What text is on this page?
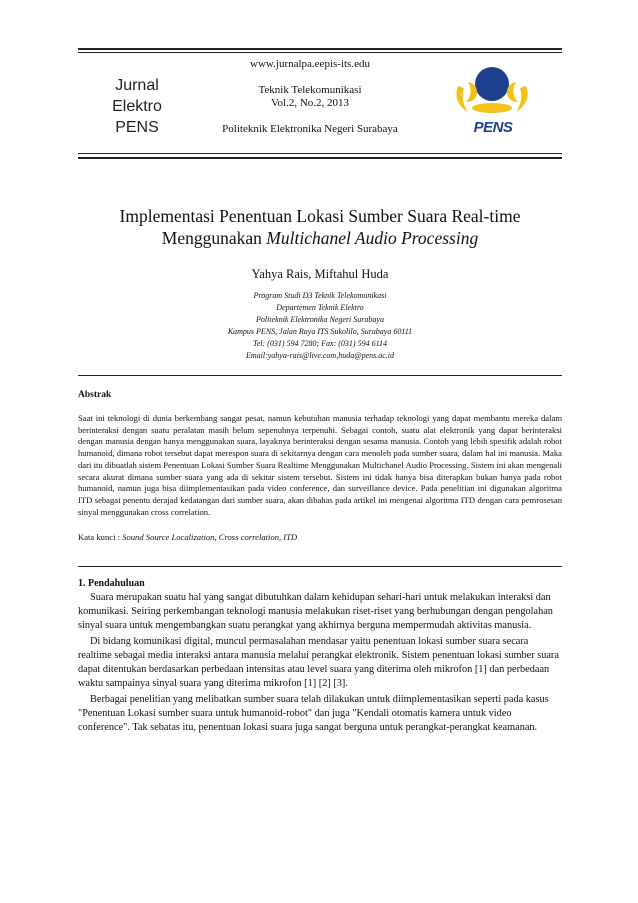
Jurnal
Elektro
PENS
www.jurnalpa.eepis-its.edu
Teknik Telekomunikasi
Vol.2, No.2, 2013
Politeknik Elektronika Negeri Surabaya	PENS
Implementasi Penentuan Lokasi Sumber Suara Real-time
Menggunakan Multichanel Audio Processing
Yahya Rais, Miftahul Huda
Program Studi D3 Teknik Telekomunikasi
Departemen Teknik Elektro
Politeknik Elektronika Negeri Surabaya
Kampus PENS, Jalan Raya ITS Sukolilo, Surabaya 60111
Tel: (031) 594 7280; Fax: (031) 594 6114
Email:yahya-rais@live.com,huda@pens.ac.id
Abstrak
Saat ini teknologi di dunia berkembang sangat pesat, namun kebutuhan manusia terhadap teknologi yang dapat membantu mereka dalam berinteraksi dengan suatu peralatan masih belum sepenuhnya terpenuhi. Sebagai contoh, suatu alat elektronik yang dapat berinteraksi dengan manusia dengan hanya menggunakan suara, layaknya berinteraksi dengan sesama manusia. Contoh yang lebih spesifik adalah robot humanoid, dimana robot tersebut dapat merespon suara di sekitarnya dengan cara menoleh pada sumber suara, dalam hal ini manusia. Maka dari itu dibuatlah sistem Penentuan Lokasi Sumber Suara Realtime Menggunakan Multichanel Audio Processing. Sistem ini akan mengenali secara akurat dimana sumber suara yang ada di sekitar sistem tersebut. Sistem ini tidak hanya bisa diterapkan bukan hanya pada robot humanoid, namun juga bisa diimplementasikan pada video conference, dan surveillance device. Pada penelitian ini digunakan algoritma ITD sebagai penentu derajad kedatangan dari sumber suara, akan dibahas pada artikel ini mengenai algoritma ITD dengan cara pemrosesan sinyal menggunakan cross correlation.
Kata kunci : Sound Source Localization, Cross correlation, ITD
1. Pendahuluan

Suara merupakan suatu hal yang sangat dibutuhkan dalam kehidupan sehari-hari untuk melakukan interaksi dan komunikasi. Seiring perkembangan teknologi manusia melakukan riset-riset yang berhubungan dengan pengolahan sinyal suara untuk mengembangkan suatu perangkat yang akhirnya berguna mempermudah aktivitas manusia.

Di bidang komunikasi digital, muncul permasalahan mendasar yaitu penentuan lokasi sumber suara secara realtime sebagai media interaksi antara manusia melalui perangkat elektronik. Sistem penentuan lokasi sumber suara dapat ditentukan berdasarkan perbedaan intensitas atau level suara yang diterima oleh mikrofon [1] dan perbedaan waktu sampainya sinyal suara yang diterima mikrofon [1] [2] [3].

Berbagai penelitian yang melibatkan sumber suara telah dilakukan untuk diimplementasikan seperti pada kasus "Penentuan Lokasi sumber suara untuk humanoid-robot" dan juga "Kendali otomatis kamera untuk video conference". Tak sebatas itu, penentuan lokasi suara juga sangat berguna untuk perangkat-perangkat keamanan.
